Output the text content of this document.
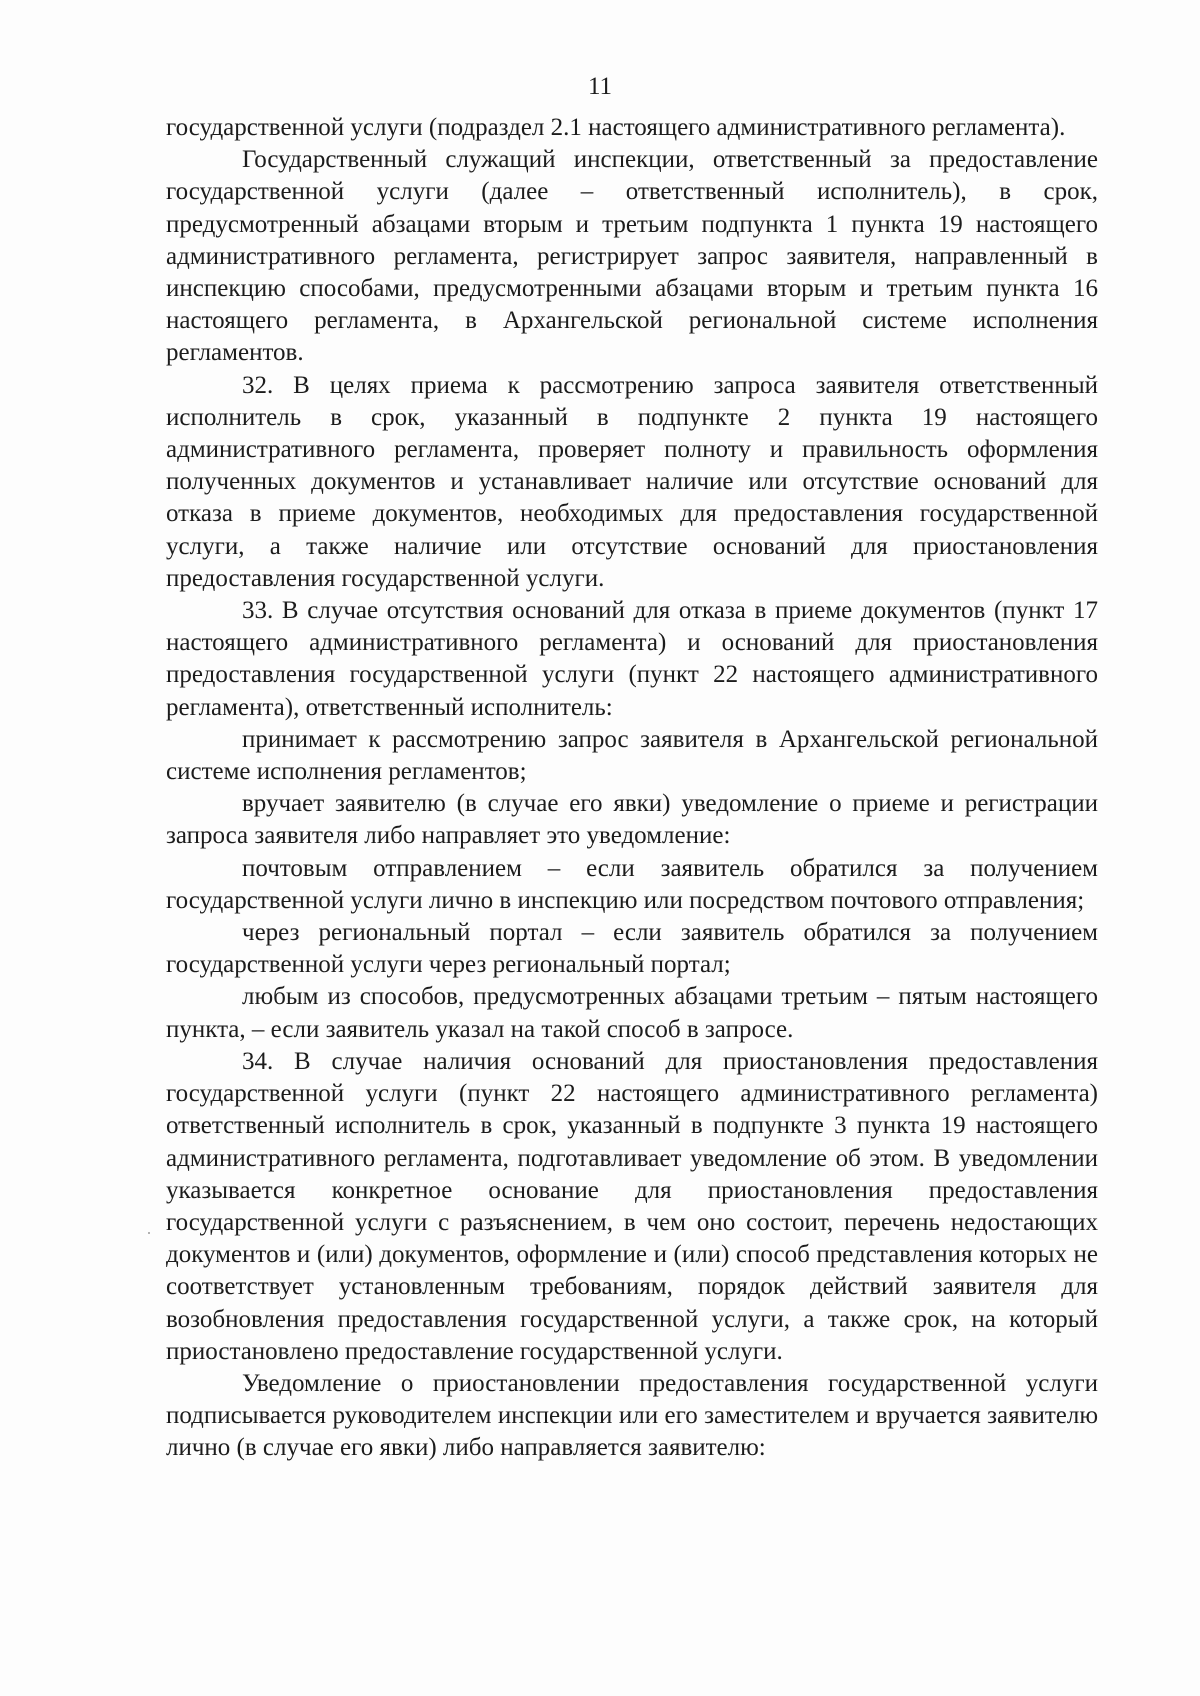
11

государственной услуги (подраздел 2.1 настоящего административного регламента).

Государственный служащий инспекции, ответственный за предоставление государственной услуги (далее – ответственный исполнитель), в срок, предусмотренный абзацами вторым и третьим подпункта 1 пункта 19 настоящего административного регламента, регистрирует запрос заявителя, направленный в инспекцию способами, предусмотренными абзацами вторым и третьим пункта 16 настоящего регламента, в Архангельской региональной системе исполнения регламентов.

32. В целях приема к рассмотрению запроса заявителя ответственный исполнитель в срок, указанный в подпункте 2 пункта 19 настоящего административного регламента, проверяет полноту и правильность оформления полученных документов и устанавливает наличие или отсутствие оснований для отказа в приеме документов, необходимых для предоставления государственной услуги, а также наличие или отсутствие оснований для приостановления предоставления государственной услуги.

33. В случае отсутствия оснований для отказа в приеме документов (пункт 17 настоящего административного регламента) и оснований для приостановления предоставления государственной услуги (пункт 22 настоящего административного регламента), ответственный исполнитель:

принимает к рассмотрению запрос заявителя в Архангельской региональной системе исполнения регламентов;

вручает заявителю (в случае его явки) уведомление о приеме и регистрации запроса заявителя либо направляет это уведомление:

почтовым отправлением – если заявитель обратился за получением государственной услуги лично в инспекцию или посредством почтового отправления;

через региональный портал – если заявитель обратился за получением государственной услуги через региональный портал;

любым из способов, предусмотренных абзацами третьим – пятым настоящего пункта, – если заявитель указал на такой способ в запросе.

34. В случае наличия оснований для приостановления предоставления государственной услуги (пункт 22 настоящего административного регламента) ответственный исполнитель в срок, указанный в подпункте 3 пункта 19 настоящего административного регламента, подготавливает уведомление об этом. В уведомлении указывается конкретное основание для приостановления предоставления государственной услуги с разъяснением, в чем оно состоит, перечень недостающих документов и (или) документов, оформление и (или) способ представления которых не соответствует установленным требованиям, порядок действий заявителя для возобновления предоставления государственной услуги, а также срок, на который приостановлено предоставление государственной услуги.

Уведомление о приостановлении предоставления государственной услуги подписывается руководителем инспекции или его заместителем и вручается заявителю лично (в случае его явки) либо направляется заявителю:
